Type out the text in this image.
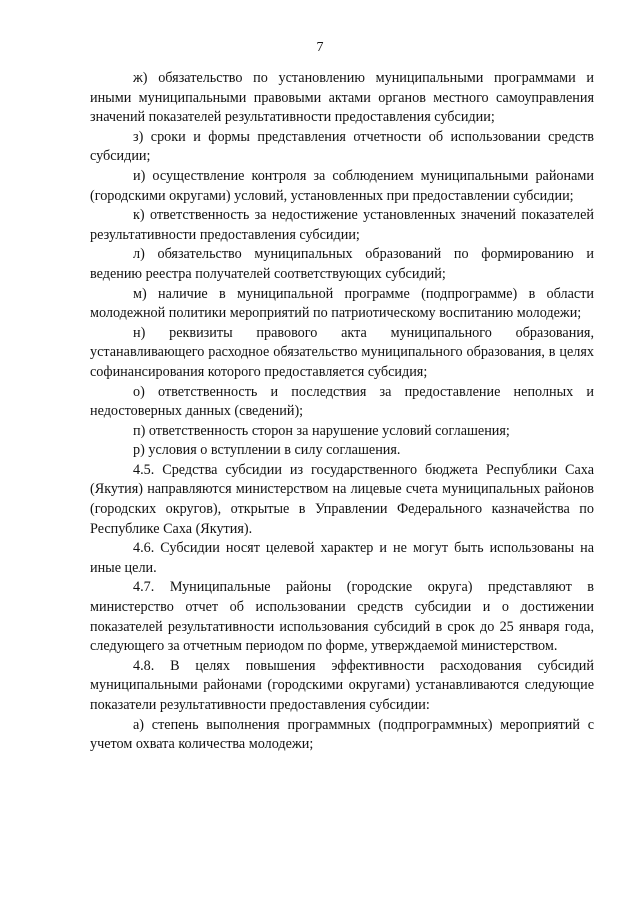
7

ж) обязательство по установлению муниципальными программами и иными муниципальными правовыми актами органов местного самоуправления значений показателей результативности предоставления субсидии;

з) сроки и формы представления отчетности об использовании средств субсидии;

и) осуществление контроля за соблюдением муниципальными районами (городскими округами) условий, установленных при предоставлении субсидии;

к) ответственность за недостижение установленных значений показателей результативности предоставления субсидии;

л) обязательство муниципальных образований по формированию и ведению реестра получателей соответствующих субсидий;

м) наличие в муниципальной программе (подпрограмме) в области молодежной политики мероприятий по патриотическому воспитанию молодежи;

н) реквизиты правового акта муниципального образования, устанавливающего расходное обязательство муниципального образования, в целях софинансирования которого предоставляется субсидия;

о) ответственность и последствия за предоставление неполных и недостоверных данных (сведений);

п) ответственность сторон за нарушение условий соглашения;

р) условия о вступлении в силу соглашения.

4.5. Средства субсидии из государственного бюджета Республики Саха (Якутия) направляются министерством на лицевые счета муниципальных районов (городских округов), открытые в Управлении Федерального казначейства по Республике Саха (Якутия).

4.6. Субсидии носят целевой характер и не могут быть использованы на иные цели.

4.7. Муниципальные районы (городские округа) представляют в министерство отчет об использовании средств субсидии и о достижении показателей результативности использования субсидий в срок до 25 января года, следующего за отчетным периодом по форме, утверждаемой министерством.

4.8. В целях повышения эффективности расходования субсидий муниципальными районами (городскими округами) устанавливаются следующие показатели результативности предоставления субсидии:

а) степень выполнения программных (подпрограммных) мероприятий с учетом охвата количества молодежи;
